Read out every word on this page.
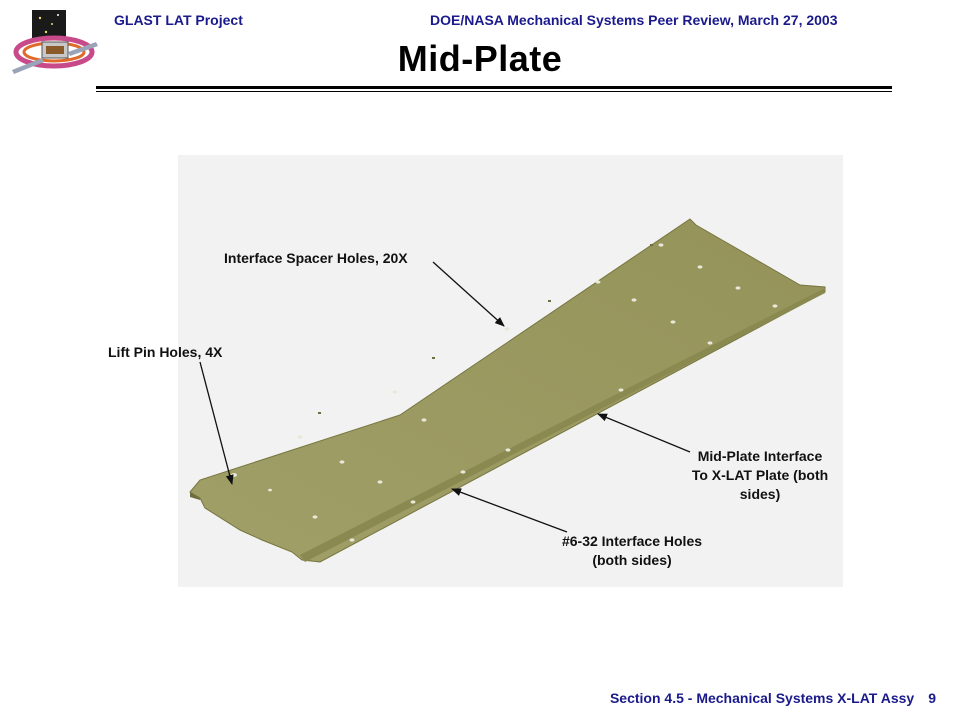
GLAST LAT Project	DOE/NASA Mechanical Systems Peer Review, March 27, 2003
Mid-Plate
Interface Spacer Holes, 20X
Lift Pin Holes, 4X
Mid-Plate Interface
To X-LAT Plate (both
sides)
#6-32 Interface Holes
(both sides)
Section 4.5 - Mechanical Systems X-LAT Assy 9
